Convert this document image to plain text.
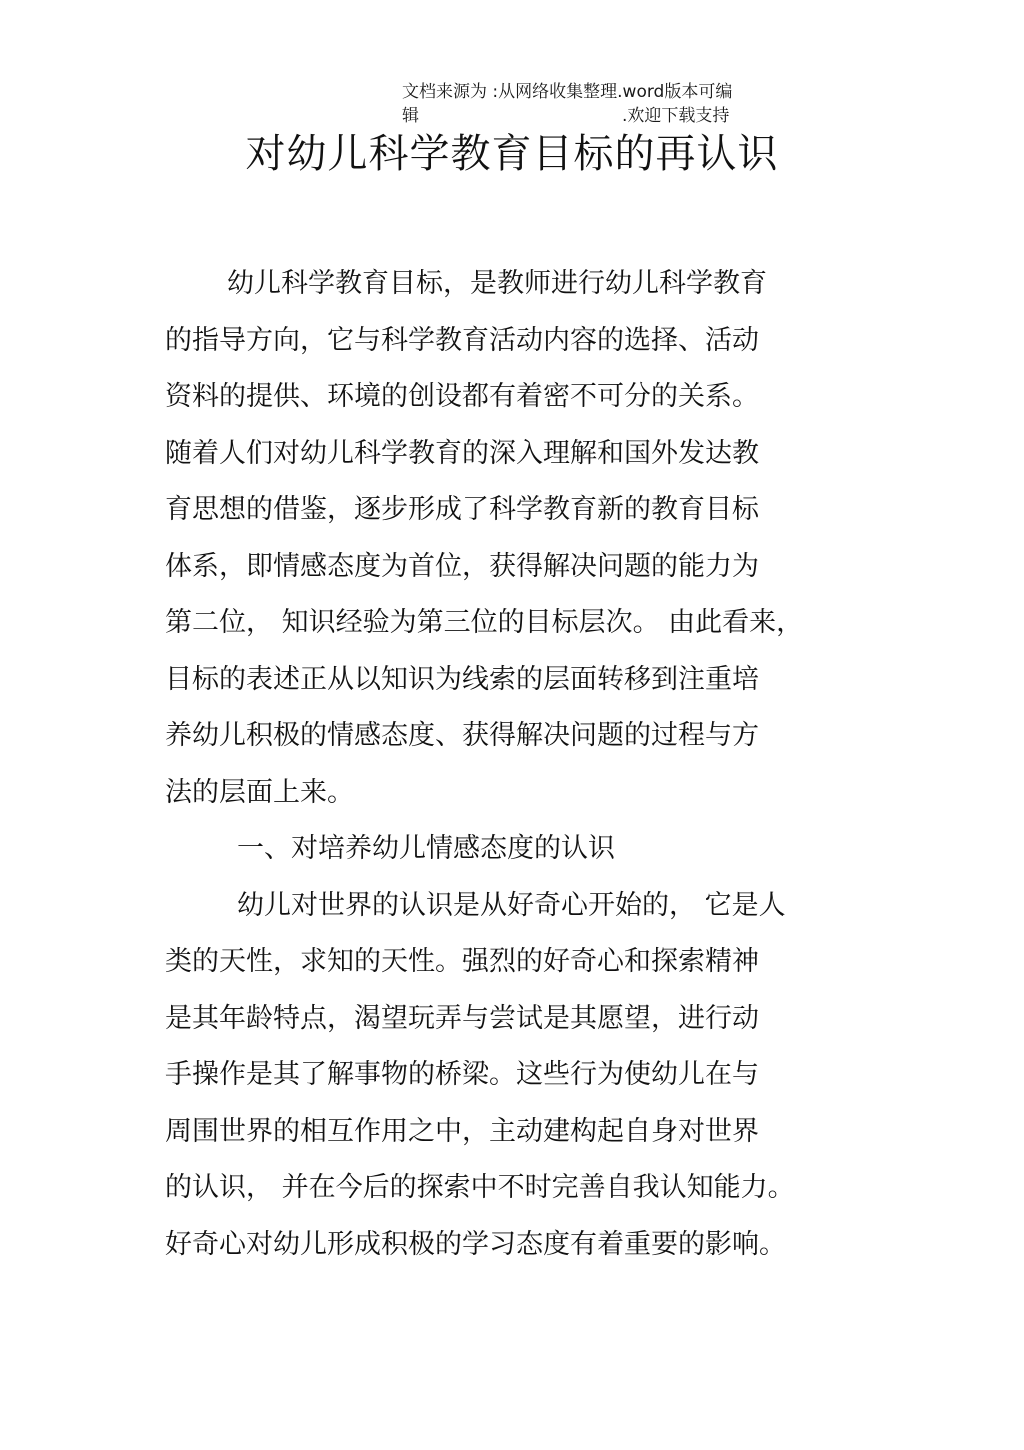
文档来源为 :从网络收集整理.word版本可编
辑	.欢迎下载支持
对幼儿科学教育目标的再认识
幼儿科学教育目标，是教师进行幼儿科学教育
的指导方向，它与科学教育活动内容的选择、活动
资料的提供、环境的创设都有着密不可分的关系。
随着人们对幼儿科学教育的深入理解和国外发达教
育思想的借鉴，逐步形成了科学教育新的教育目标
体系，即情感态度为首位，获得解决问题的能力为
第二位， 知识经验为第三位的目标层次。 由此看来，
目标的表述正从以知识为线索的层面转移到注重培
养幼儿积极的情感态度、获得解决问题的过程与方
法的层面上来。
一、对培养幼儿情感态度的认识
幼儿对世界的认识是从好奇心开始的， 它是人
类的天性，求知的天性。强烈的好奇心和探索精神
是其年龄特点，渴望玩弄与尝试是其愿望，进行动
手操作是其了解事物的桥梁。这些行为使幼儿在与
周围世界的相互作用之中，主动建构起自身对世界
的认识， 并在今后的探索中不时完善自我认知能力。
好奇心对幼儿形成积极的学习态度有着重要的影响。
